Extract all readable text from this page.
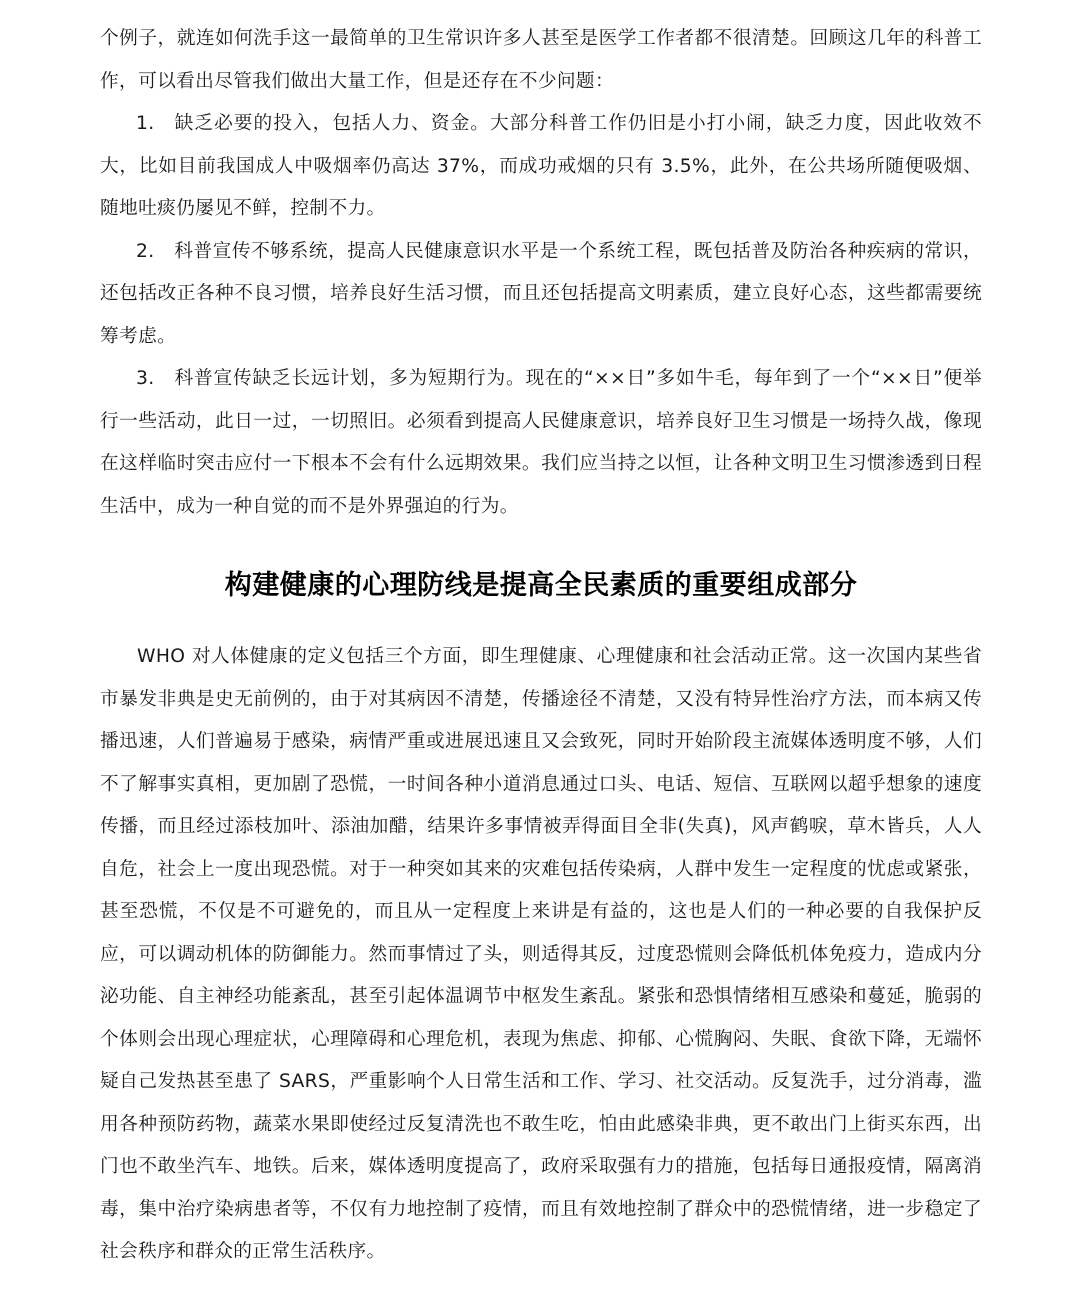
个例子，就连如何洗手这一最简单的卫生常识许多人甚至是医学工作者都不很清楚。回顾这几年的科普工作，可以看出尽管我们做出大量工作，但是还存在不少问题：

1. 缺乏必要的投入，包括人力、资金。大部分科普工作仍旧是小打小闹，缺乏力度，因此收效不大，比如目前我国成人中吸烟率仍高达 37%，而成功戒烟的只有 3.5%，此外，在公共场所随便吸烟、随地吐痰仍屡见不鲜，控制不力。

2. 科普宣传不够系统，提高人民健康意识水平是一个系统工程，既包括普及防治各种疾病的常识，还包括改正各种不良习惯，培养良好生活习惯，而且还包括提高文明素质，建立良好心态，这些都需要统筹考虑。

3. 科普宣传缺乏长远计划，多为短期行为。现在的“××日”多如牛毛，每年到了一个“××日”便举行一些活动，此日一过，一切照旧。必须看到提高人民健康意识，培养良好卫生习惯是一场持久战，像现在这样临时突击应付一下根本不会有什么远期效果。我们应当持之以恒，让各种文明卫生习惯渗透到日程生活中，成为一种自觉的而不是外界强迫的行为。

构建健康的心理防线是提高全民素质的重要组成部分

WHO 对人体健康的定义包括三个方面，即生理健康、心理健康和社会活动正常。这一次国内某些省市暴发非典是史无前例的，由于对其病因不清楚，传播途径不清楚，又没有特异性治疗方法，而本病又传播迅速，人们普遍易于感染，病情严重或进展迅速且又会致死，同时开始阶段主流媒体透明度不够，人们不了解事实真相，更加剧了恐慌，一时间各种小道消息通过口头、电话、短信、互联网以超乎想象的速度传播，而且经过添枝加叶、添油加醋，结果许多事情被弄得面目全非(失真)，风声鹤唳，草木皆兵，人人自危，社会上一度出现恐慌。对于一种突如其来的灾难包括传染病，人群中发生一定程度的忧虑或紧张，甚至恐慌，不仅是不可避免的，而且从一定程度上来讲是有益的，这也是人们的一种必要的自我保护反应，可以调动机体的防御能力。然而事情过了头，则适得其反，过度恐慌则会降低机体免疫力，造成内分泌功能、自主神经功能紊乱，甚至引起体温调节中枢发生紊乱。紧张和恐惧情绪相互感染和蔓延，脆弱的个体则会出现心理症状，心理障碍和心理危机，表现为焦虑、抑郁、心慌胸闷、失眠、食欲下降，无端怀疑自己发热甚至患了 SARS，严重影响个人日常生活和工作、学习、社交活动。反复洗手，过分消毒，滥用各种预防药物，蔬菜水果即使经过反复清洗也不敢生吃，怕由此感染非典，更不敢出门上街买东西，出门也不敢坐汽车、地铁。后来，媒体透明度提高了，政府采取强有力的措施，包括每日通报疫情，隔离消毒，集中治疗染病患者等，不仅有力地控制了疫情，而且有效地控制了群众中的恐慌情绪，进一步稳定了社会秩序和群众的正常生活秩序。
